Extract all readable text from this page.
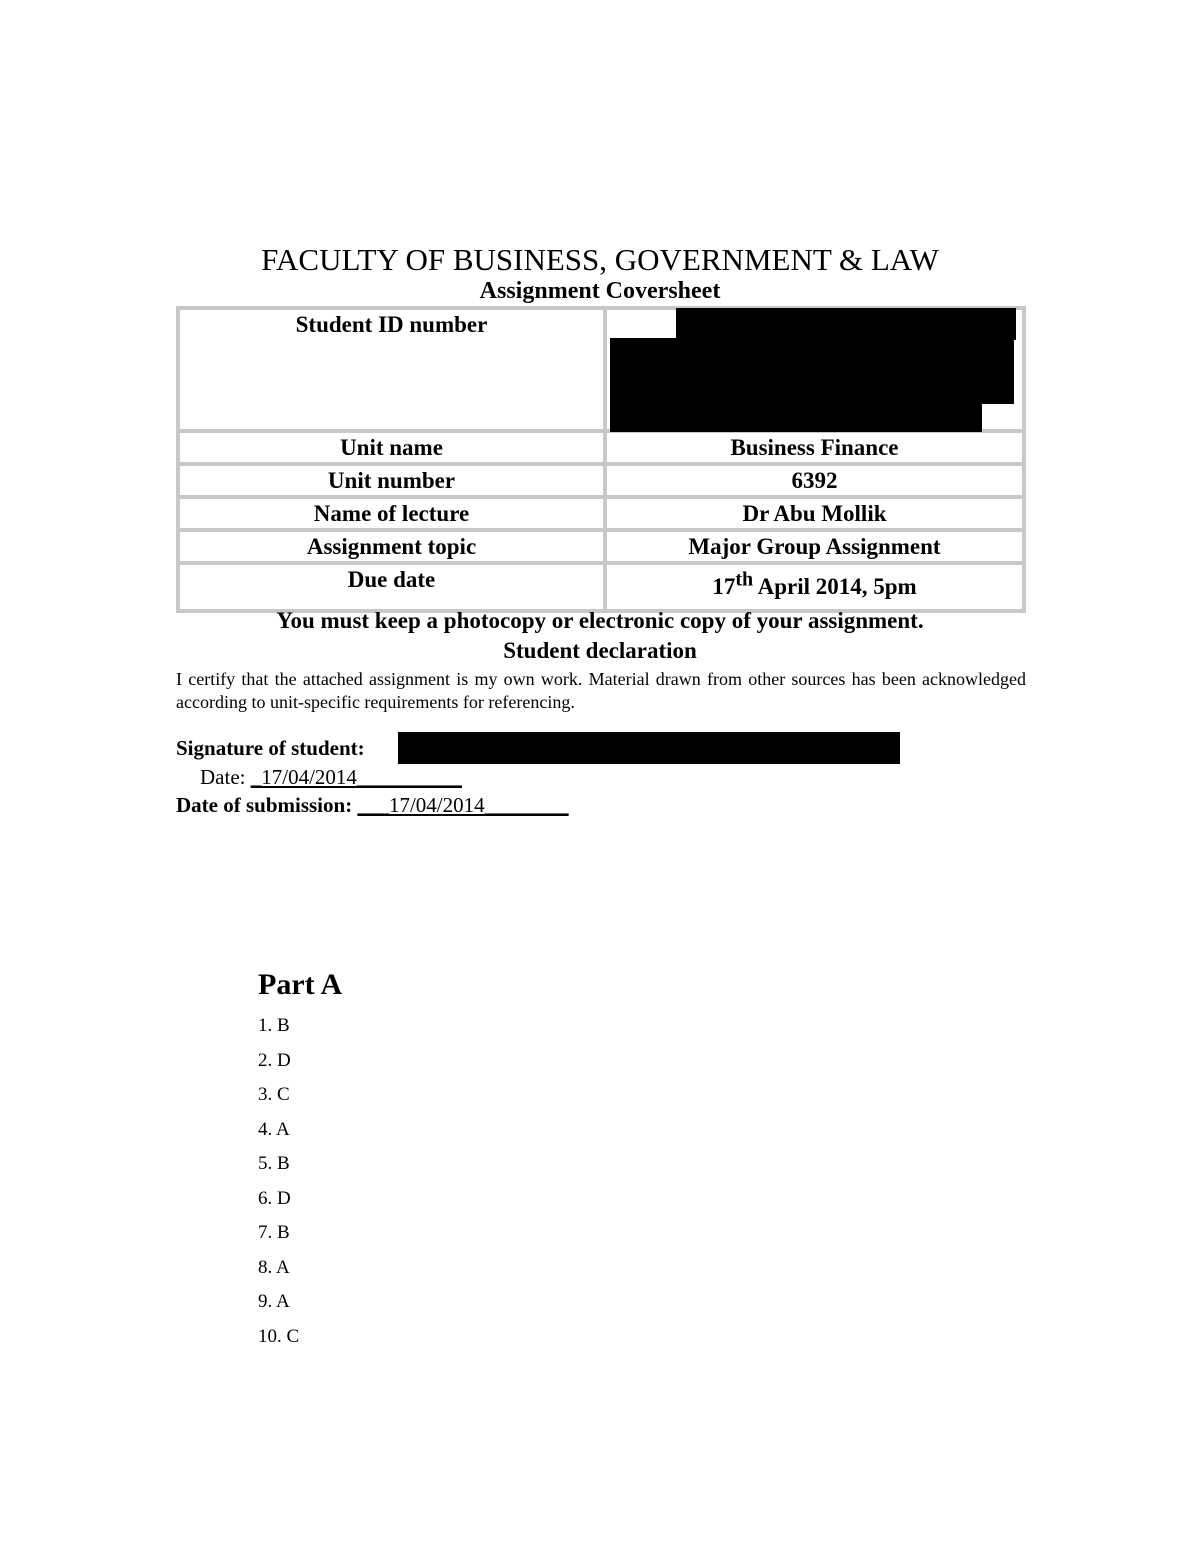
FACULTY OF BUSINESS, GOVERNMENT & LAW
Assignment Coversheet
Student ID number	
Unit name	Business Finance
Unit number	6392
Name of lecture	Dr Abu Mollik
Assignment topic	Major Group Assignment
Due date	17th April 2014, 5pm
You must keep a photocopy or electronic copy of your assignment.
Student declaration
I certify that the attached assignment is my own work. Material drawn from other sources has been acknowledged according to unit-specific requirements for referencing.
Signature of student:
Date: _17/04/2014__________
Date of submission: ___17/04/2014________
Part A
1. B
2. D
3. C
4. A
5. B
6. D
7. B
8. A
9. A
10. C
